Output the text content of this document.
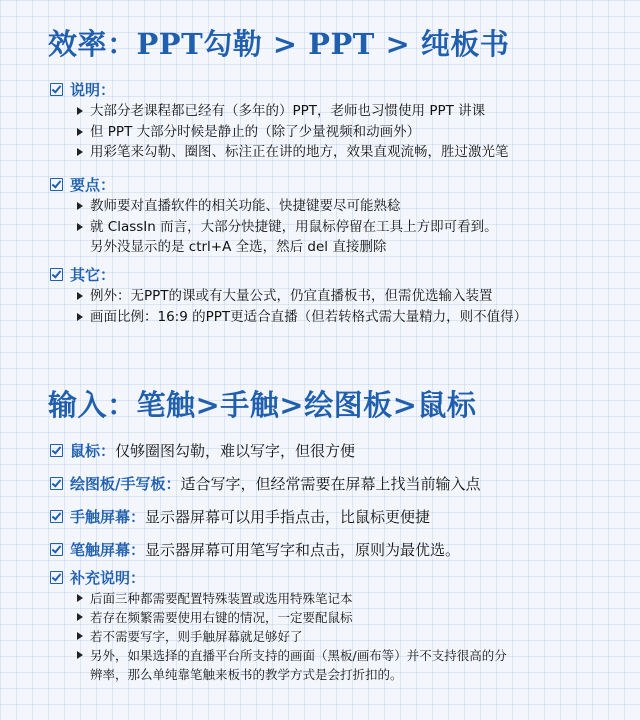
效率：PPT勾勒 > PPT > 纯板书
说明：
大部分老课程都已经有（多年的）PPT，老师也习惯使用 PPT 讲课
但 PPT 大部分时候是静止的（除了少量视频和动画外）
用彩笔来勾勒、圈图、标注正在讲的地方，效果直观流畅，胜过激光笔
要点：
教师要对直播软件的相关功能、快捷键要尽可能熟稔
就 ClassIn 而言，大部分快捷键，用鼠标停留在工具上方即可看到。
另外没显示的是 ctrl+A 全选，然后 del 直接删除
其它：
例外：无PPT的课或有大量公式，仍宜直播板书，但需优选输入装置
画面比例：16:9 的PPT更适合直播（但若转格式需大量精力，则不值得）
输入：笔触>手触>绘图板>鼠标
鼠标： 仅够圈图勾勒，难以写字，但很方便
绘图板/手写板： 适合写字，但经常需要在屏幕上找当前输入点
手触屏幕： 显示器屏幕可以用手指点击，比鼠标更便捷
笔触屏幕： 显示器屏幕可用笔写字和点击，原则为最优选。
补充说明：
后面三种都需要配置特殊装置或选用特殊笔记本
若存在频繁需要使用右键的情况，一定要配鼠标
若不需要写字，则手触屏幕就足够好了
另外，如果选择的直播平台所支持的画面（黑板/画布等）并不支持很高的分
辨率，那么单纯靠笔触来板书的教学方式是会打折扣的。
